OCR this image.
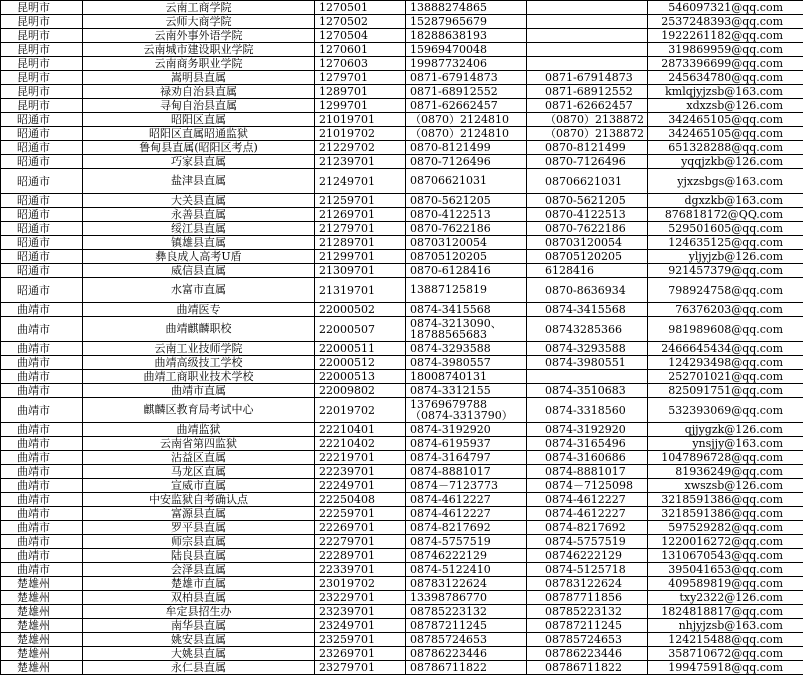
昆明市	云南工商学院	1270501	13888274865		546097321@qq.com
昆明市	云师大商学院	1270502	15287965679		2537248393@qq.com
昆明市	云南外事外语学院	1270504	18288638193		1922261182@qq.com
昆明市	云南城市建设职业学院	1270601	15969470048		319869959@qq.com
昆明市	云南商务职业学院	1270603	19987732406		2873396699@qq.com
昆明市	嵩明县直属	1279701	0871-67914873	0871-67914873	245634780@qq.com
昆明市	禄劝自治县直属	1289701	0871-68912552	0871-68912552	kmlqjyjzsb@163.com
昆明市	寻甸自治县直属	1299701	0871-62662457	0871-62662457	xdxzsb@126.com
昭通市	昭阳区直属	21019701	（0870）2124810	（0870）2138872	342465105@qq.com
昭通市	昭阳区直属昭通监狱	21019702	（0870）2124810	（0870）2138872	342465105@qq.com
昭通市	鲁甸县直属(昭阳区考点)	21229702	0870-8121499	0870-8121499	651328288@qq.com
昭通市	巧家县直属	21239701	0870-7126496	0870-7126496	yqqjzkb@126.com
昭通市	盐津县直属	21249701	08706621031	08706621031	yjxzsbgs@163.com
昭通市	大关县直属	21259701	0870-5621205	0870-5621205	dgxzkb@163.com
昭通市	永善县直属	21269701	0870-4122513	0870-4122513	876818172@QQ.com
昭通市	绥江县直属	21279701	0870-7622186	0870-7622186	529501605@qq.com
昭通市	镇雄县直属	21289701	08703120054	08703120054	124635125@qq.com
昭通市	彝良成人高考U盾	21299701	08705120205	08705120205	yljyjzb@126.com
昭通市	威信县直属	21309701	0870-6128416	6128416	921457379@qq.com
昭通市	水富市直属	21319701	13887125819	0870-8636934	798924758@qq.com
曲靖市	曲靖医专	22000502	0874-3415568	0874-3415568	76376203@qq.com
曲靖市	曲靖麒麟职校	22000507	0874-3213090、18788565683	08743285366	981989608@qq.com
曲靖市	云南工业技师学院	22000511	0874-3293588	0874-3293588	2466645434@qq.com
曲靖市	曲靖高级技工学校	22000512	0874-3980557	0874-3980551	124293498@qq.com
曲靖市	曲靖工商职业技术学校	22000513	18008740131		252701021@qq.com
曲靖市	曲靖市直属	22009802	0874-3312155	0874-3510683	825091751@qq.com
曲靖市	麒麟区教育局考试中心	22019702	13769679788（0874-3313790）	0874-3318560	532393069@qq.com
曲靖市	曲靖监狱	22210401	0874-3192920	0874-3192920	qjjygzk@126.com
曲靖市	云南省第四监狱	22210402	0874-6195937	0874-3165496	ynsjjy@163.com
曲靖市	沾益区直属	22219701	0874-3164797	0874-3160686	1047896728@qq.com
曲靖市	马龙区直属	22239701	0874-8881017	0874-8881017	81936249@qq.com
曲靖市	宣威市直属	22249701	0874－7123773	0874－7125098	xwszsb@126.com
曲靖市	中安监狱自考确认点	22250408	0874-4612227	0874-4612227	3218591386@qq.com
曲靖市	富源县直属	22259701	0874-4612227	0874-4612227	3218591386@qq.com
曲靖市	罗平县直属	22269701	0874-8217692	0874-8217692	597529282@qq.com
曲靖市	师宗县直属	22279701	0874-5757519	0874-5757519	1220016272@qq.com
曲靖市	陆良县直属	22289701	08746222129	08746222129	1310670543@qq.com
曲靖市	会泽县直属	22339701	0874-5122410	0874-5125718	395041653@qq.com
楚雄州	楚雄市直属	23019702	08783122624	08783122624	409589819@qq.com
楚雄州	双柏县直属	23229701	13398786770	08787711856	txy2322@126.com
楚雄州	牟定县招生办	23239701	08785223132	08785223132	1824818817@qq.com
楚雄州	南华县直属	23249701	08787211245	08787211245	nhjyjzsb@163.com
楚雄州	姚安县直属	23259701	08785724653	08785724653	124215488@qq.com
楚雄州	大姚县直属	23269701	08786223446	08786223446	358710672@qq.com
楚雄州	永仁县直属	23279701	08786711822	08786711822	199475918@qq.com
